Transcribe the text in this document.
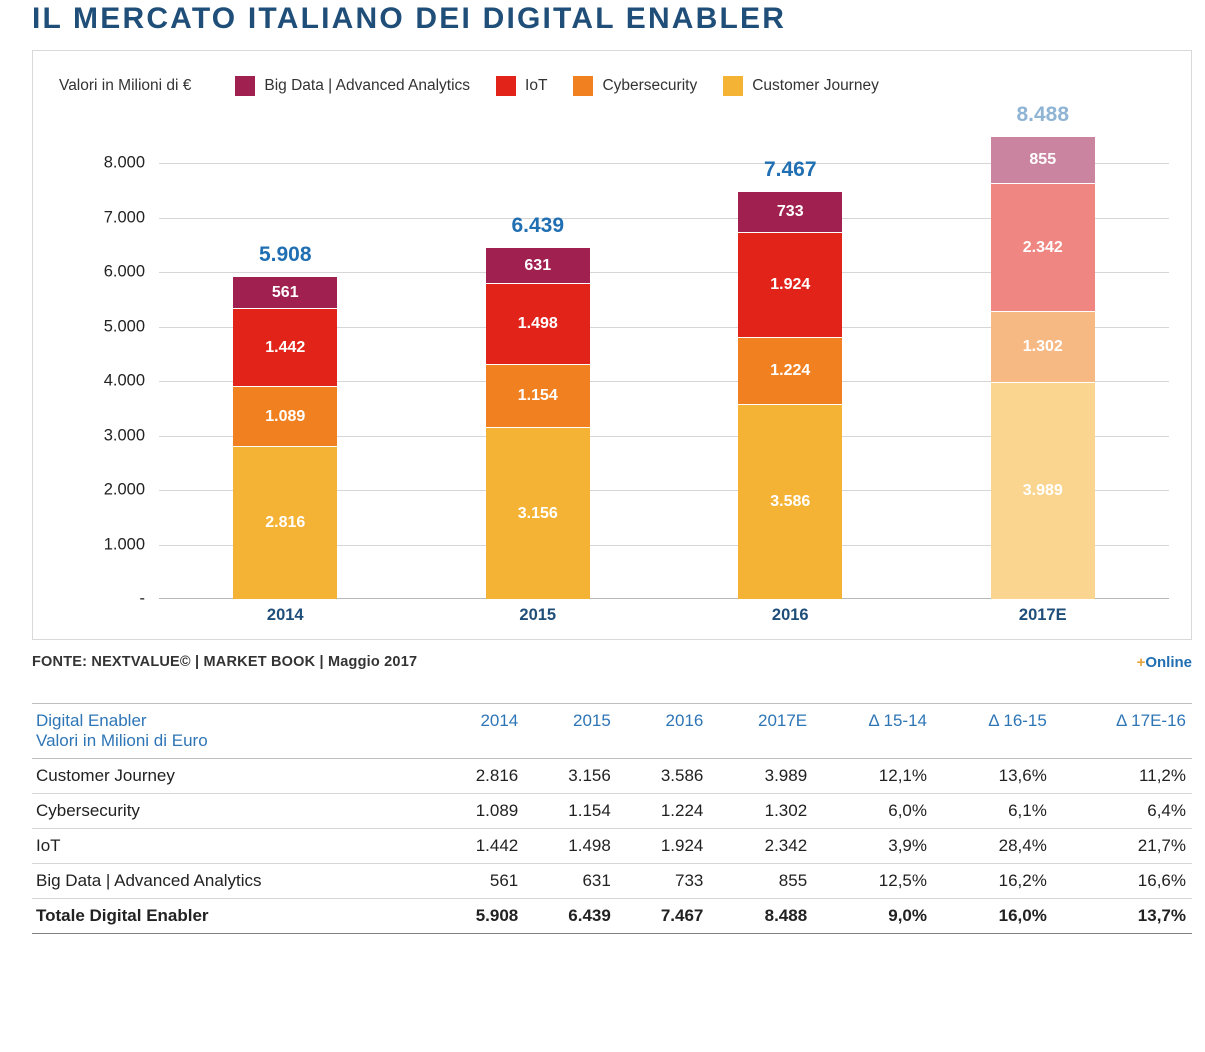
IL MERCATO ITALIANO DEI DIGITAL ENABLER
Valori in Milioni di €	Big Data | Advanced Analytics	IoT	Cybersecurity	Customer Journey
8.000
7.000
6.000
5.000
4.000
3.000
2.000
1.000
-
5.908
561
1.442
1.089
2.816
6.439
631
1.498
1.154
3.156
7.467
733
1.924
1.224
3.586
8.488
855
2.342
1.302
3.989
2014	2015	2016	2017E
FONTE: NEXTVALUE© | MARKET BOOK | Maggio 2017	+Online
Digital Enabler
Valori in Milioni di Euro	2014	2015	2016	2017E	Δ 15-14	Δ 16-15	Δ 17E-16
Customer Journey	2.816	3.156	3.586	3.989	12,1%	13,6%	11,2%
Cybersecurity	1.089	1.154	1.224	1.302	6,0%	6,1%	6,4%
IoT	1.442	1.498	1.924	2.342	3,9%	28,4%	21,7%
Big Data | Advanced Analytics	561	631	733	855	12,5%	16,2%	16,6%
Totale Digital Enabler	5.908	6.439	7.467	8.488	9,0%	16,0%	13,7%
